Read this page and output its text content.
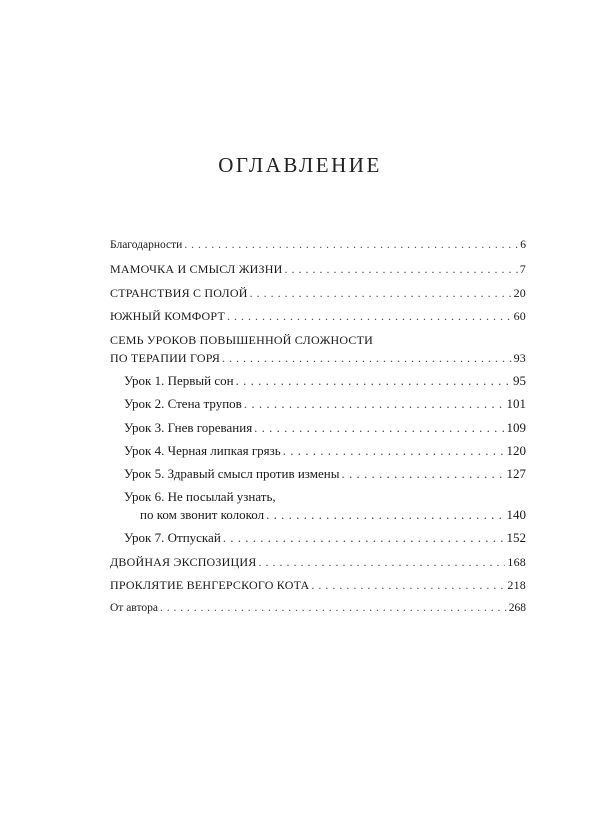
ОГЛАВЛЕНИЕ
Благодарности . . .	6
МАМОЧКА И СМЫСЛ ЖИЗНИ . . .	7
СТРАНСТВИЯ С ПОЛОЙ . . .	20
ЮЖНЫЙ КОМФОРТ . . .	60
СЕМЬ УРОКОВ ПОВЫШЕННОЙ СЛОЖНОСТИ
ПО ТЕРАПИИ ГОРЯ . . .	93
Урок 1. Первый сон . . .	95
Урок 2. Стена трупов . . .	101
Урок 3. Гнев горевания . . .	109
Урок 4. Черная липкая грязь . . .	120
Урок 5. Здравый смысл против измены . . .	127
Урок 6. Не посылай узнать,
по ком звонит колокол . . .	140
Урок 7. Отпускай . . .	152
ДВОЙНАЯ ЭКСПОЗИЦИЯ . . .	168
ПРОКЛЯТИЕ ВЕНГЕРСКОГО КОТА . . .	218
От автора . . .	268
